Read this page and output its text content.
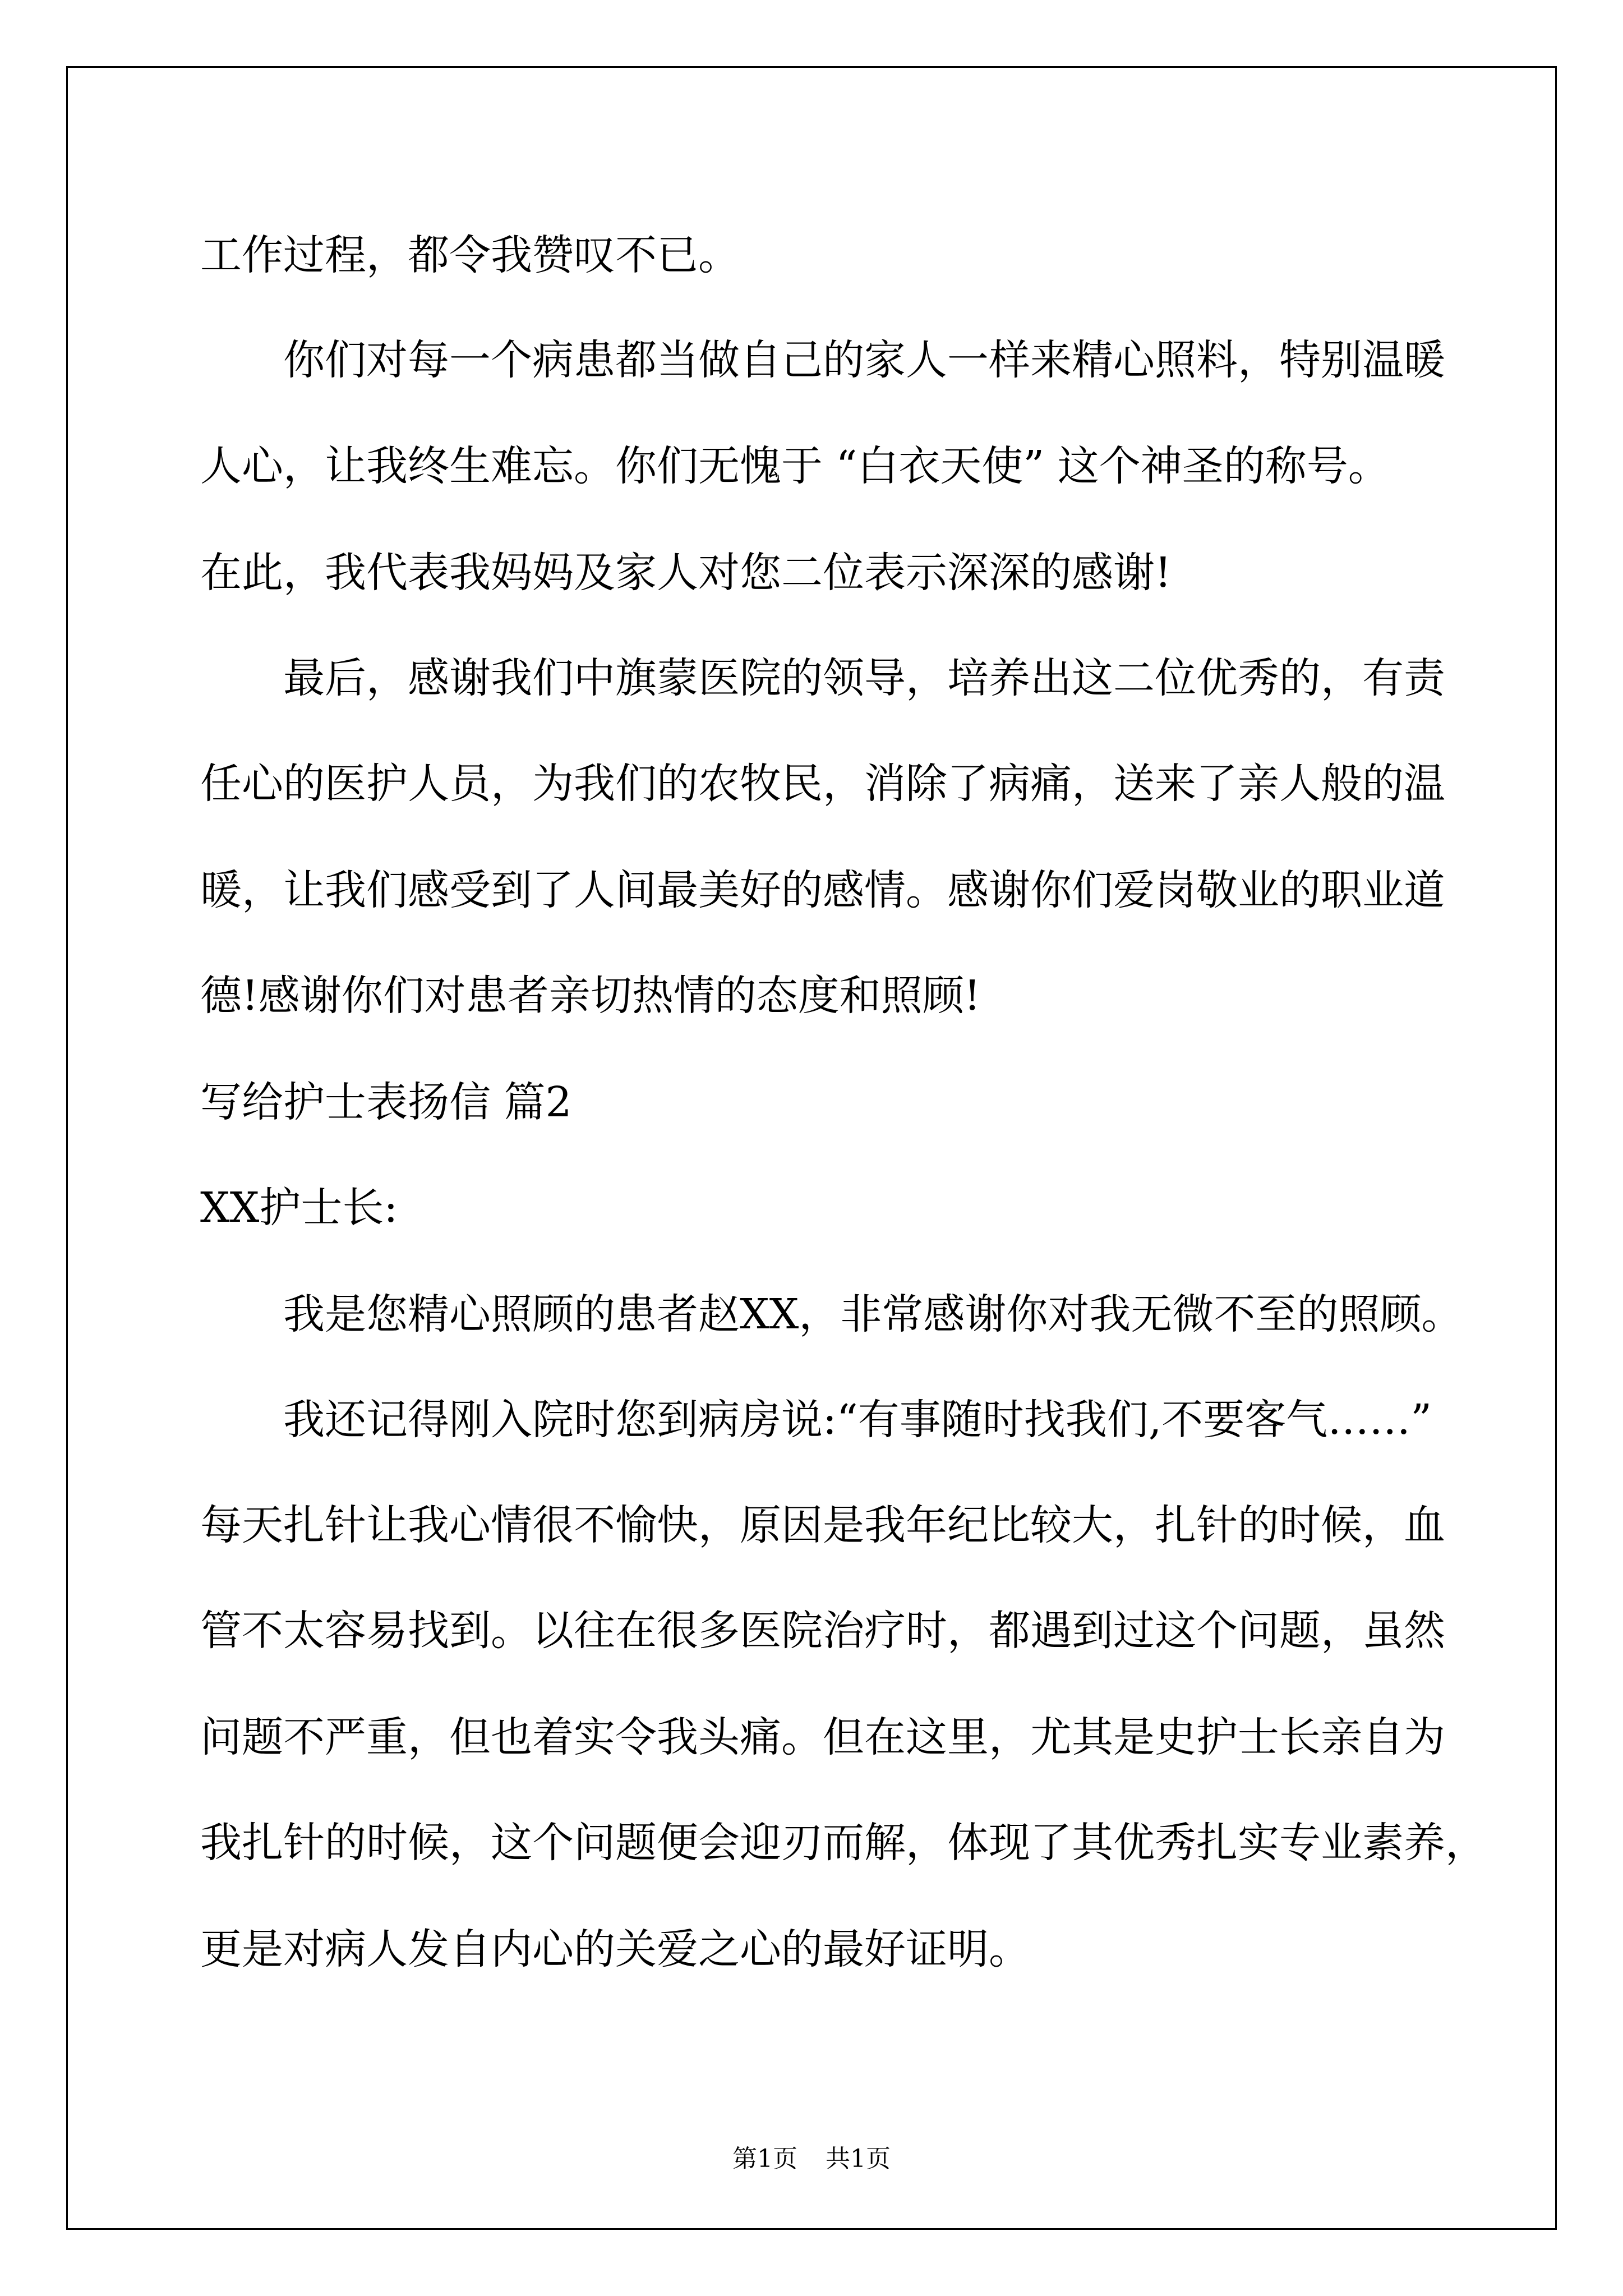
工作过程，都令我赞叹不已。
你们对每一个病患都当做自己的家人一样来精心照料，特别温暖
人心，让我终生难忘。你们无愧于 “白衣天使” 这个神圣的称号。
在此，我代表我妈妈及家人对您二位表示深深的感谢!
最后，感谢我们中旗蒙医院的领导，培养出这二位优秀的，有责
任心的医护人员，为我们的农牧民，消除了病痛，送来了亲人般的温
暖，让我们感受到了人间最美好的感情。感谢你们爱岗敬业的职业道
德!感谢你们对患者亲切热情的态度和照顾!
写给护士表扬信 篇2
XX护士长:
我是您精心照顾的患者赵XX，非常感谢你对我无微不至的照顾。
我还记得刚入院时您到病房说:“有事随时找我们,不要客气……”
每天扎针让我心情很不愉快，原因是我年纪比较大，扎针的时候，血
管不太容易找到。以往在很多医院治疗时，都遇到过这个问题，虽然
问题不严重，但也着实令我头痛。但在这里，尤其是史护士长亲自为
我扎针的时候，这个问题便会迎刃而解，体现了其优秀扎实专业素养，
更是对病人发自内心的关爱之心的最好证明。
第1页 共1页
